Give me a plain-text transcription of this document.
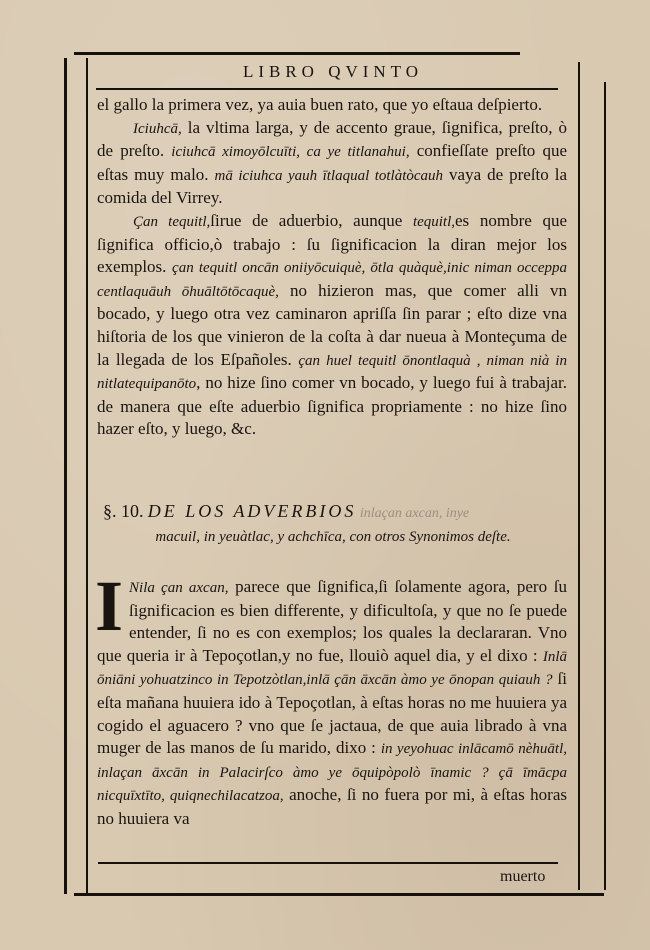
LIBRO QVINTO

el gallo la primera vez, ya auia buen rato, que yo eſtaua deſpierto.

Iciuhcā, la vltima larga, y de accento graue, ſignifica, preſto, ò de preſto. iciuhcā ximoyōlcuīti, ca ye titlanahui, confieſſate preſto que eſtas muy malo. mā iciuhca yauh ītlaqual totlàtòcauh vaya de preſto la comida del Virrey.

Çan tequitl,ſirue de aduerbio, aunque tequitl,es nombre que ſignifica officio,ò trabajo : ſu ſignificacion la diran mejor los exemplos. çan tequitl oncān oniiyōcuiquè, ōtla quàquè,inic niman occeppa centlaquāuh ōhuāltōtōcaquè, no hizieron mas, que comer alli vn bocado, y luego otra vez caminaron apriſſa ſin parar ; eſto dize vna hiſtoria de los que vinieron de la coſta à dar nueua à Monteçuma de la llegada de los Eſpañoles. çan huel tequitl ōnontlaquà , niman nià in nitlatequipanōto, no hize ſino comer vn bocado, y luego fui à trabajar. de manera que eſte aduerbio ſignifica propriamente : no hize ſino hazer eſto, y luego, &c.

§. 10. DE LOS ADVERBIOS inlaçan axcan, inye
macuil, in yeuàtlac, y achchīca, con otros Synonimos deſte.
I Nila çan axcan, parece que ſignifica,ſi ſolamente agora, pero ſu ſignificacion es bien differente, y dificultoſa, y que no ſe puede entender, ſi no es con exemplos; los quales la declararan. Vno que queria ir à Tepoçotlan,y no fue, llouiò aquel dia, y el dixo : Inlā ōniāni yohuatzinco in Tepotzòtlan,inlā çān āxcān àmo ye ōnopan quiauh ? ſi eſta mañana huuiera ido à Tepoçotlan, à eſtas horas no me huuiera ya cogido el aguacero ? vno que ſe jactaua, de que auia librado à vna muger de las manos de ſu marido, dixo : in yeyohuac inlācamō nèhuātl, inlaçan āxcān in Palacirſco àmo ye ōquipòpolò īnamic ? çā īmācpa nicquīxtīto, quiqnechilacatzoa, anoche, ſi no fuera por mi, à eſtas horas no huuiera va

muerto
